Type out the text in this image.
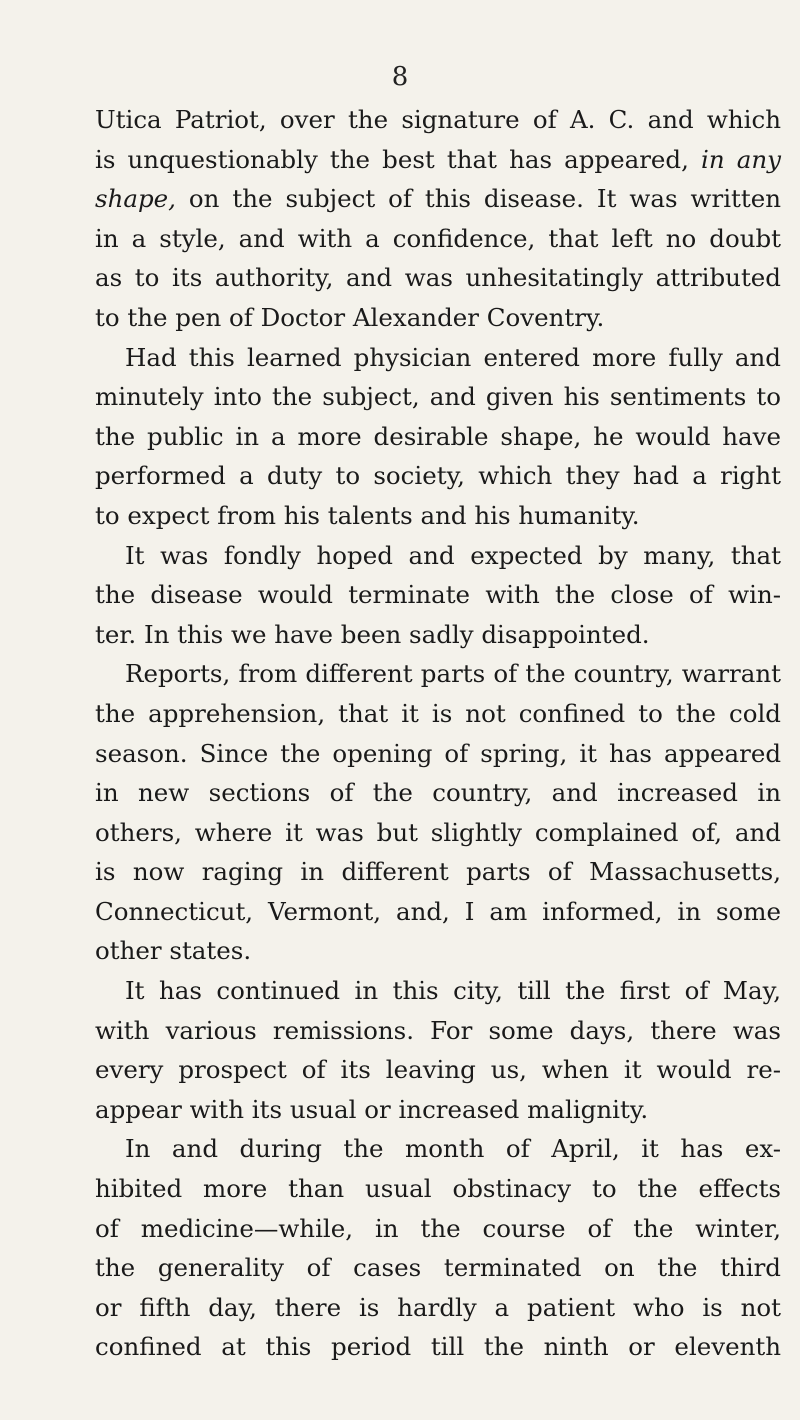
8
Utica Patriot, over the signature of A. C. and which
is unquestionably the best that has appeared, in any
shape, on the subject of this disease. It was written
in a style, and with a confidence, that left no doubt
as to its authority, and was unhesitatingly attributed
to the pen of Doctor Alexander Coventry.
Had this learned physician entered more fully and
minutely into the subject, and given his sentiments to
the public in a more desirable shape, he would have
performed a duty to society, which they had a right
to expect from his talents and his humanity.
It was fondly hoped and expected by many, that
the disease would terminate with the close of win-
ter. In this we have been sadly disappointed.
Reports, from different parts of the country, warrant
the apprehension, that it is not confined to the cold
season. Since the opening of spring, it has appeared
in new sections of the country, and increased in
others, where it was but slightly complained of, and
is now raging in different parts of Massachusetts,
Connecticut, Vermont, and, I am informed, in some
other states.
It has continued in this city, till the first of May,
with various remissions. For some days, there was
every prospect of its leaving us, when it would re-
appear with its usual or increased malignity.
In and during the month of April, it has ex-
hibited more than usual obstinacy to the effects
of medicine—while, in the course of the winter,
the generality of cases terminated on the third
or fifth day, there is hardly a patient who is not
confined at this period till the ninth or eleventh
